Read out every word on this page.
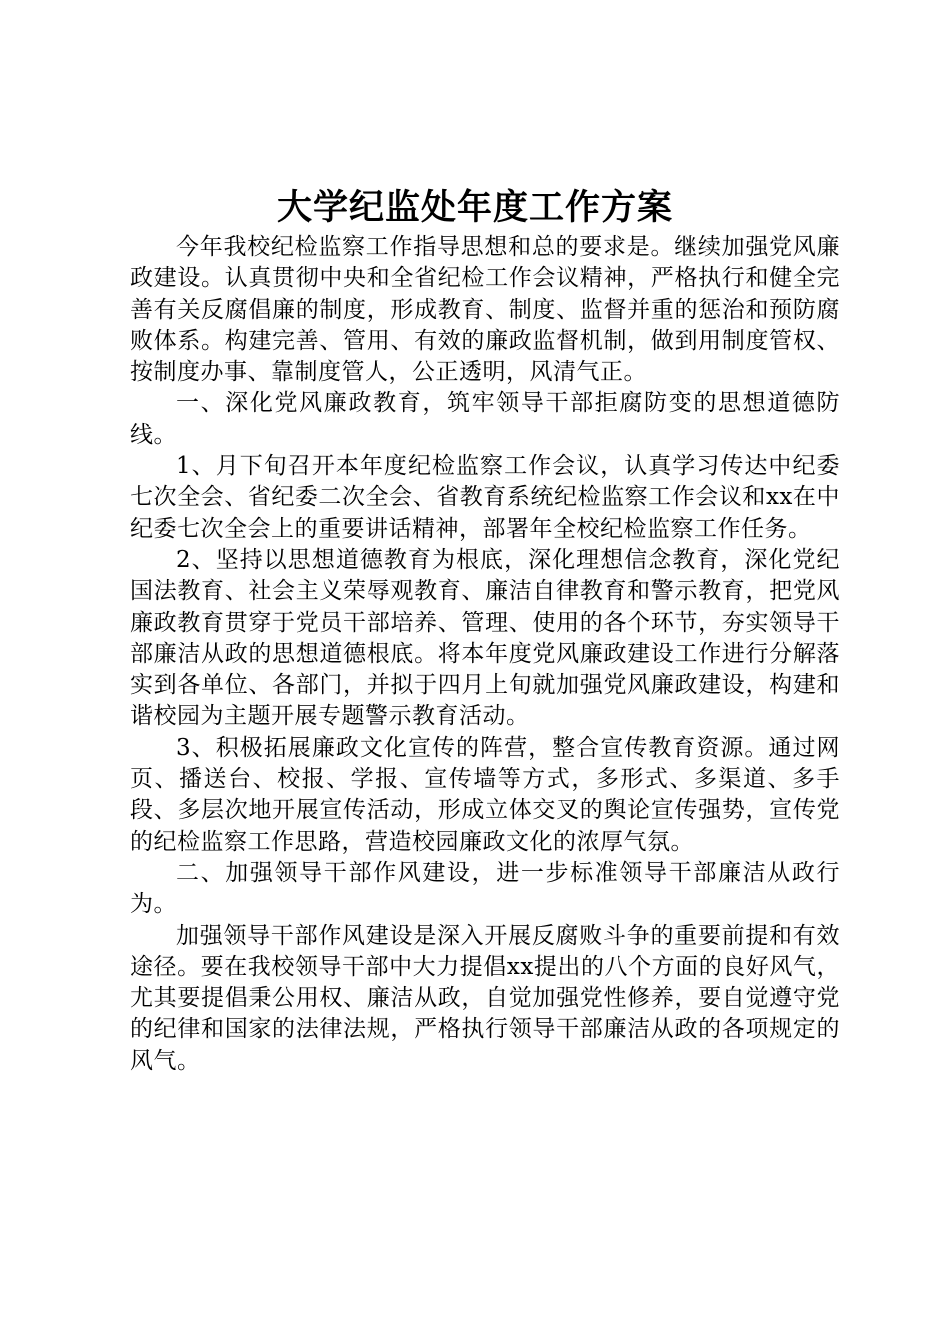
大学纪监处年度工作方案

今年我校纪检监察工作指导思想和总的要求是。继续加强党风廉政建设。认真贯彻中央和全省纪检工作会议精神，严格执行和健全完善有关反腐倡廉的制度，形成教育、制度、监督并重的惩治和预防腐败体系。构建完善、管用、有效的廉政监督机制，做到用制度管权、按制度办事、靠制度管人，公正透明，风清气正。

一、深化党风廉政教育，筑牢领导干部拒腐防变的思想道德防线。

1、月下旬召开本年度纪检监察工作会议，认真学习传达中纪委七次全会、省纪委二次全会、省教育系统纪检监察工作会议和xx在中纪委七次全会上的重要讲话精神，部署年全校纪检监察工作任务。

2、坚持以思想道德教育为根底，深化理想信念教育，深化党纪国法教育、社会主义荣辱观教育、廉洁自律教育和警示教育，把党风廉政教育贯穿于党员干部培养、管理、使用的各个环节，夯实领导干部廉洁从政的思想道德根底。将本年度党风廉政建设工作进行分解落实到各单位、各部门，并拟于四月上旬就加强党风廉政建设，构建和谐校园为主题开展专题警示教育活动。

3、积极拓展廉政文化宣传的阵营，整合宣传教育资源。通过网页、播送台、校报、学报、宣传墙等方式，多形式、多渠道、多手段、多层次地开展宣传活动，形成立体交叉的舆论宣传强势，宣传党的纪检监察工作思路，营造校园廉政文化的浓厚气氛。

二、加强领导干部作风建设，进一步标准领导干部廉洁从政行为。

加强领导干部作风建设是深入开展反腐败斗争的重要前提和有效途径。要在我校领导干部中大力提倡xx提出的八个方面的良好风气，尤其要提倡秉公用权、廉洁从政，自觉加强党性修养，要自觉遵守党的纪律和国家的法律法规，严格执行领导干部廉洁从政的各项规定的风气。
